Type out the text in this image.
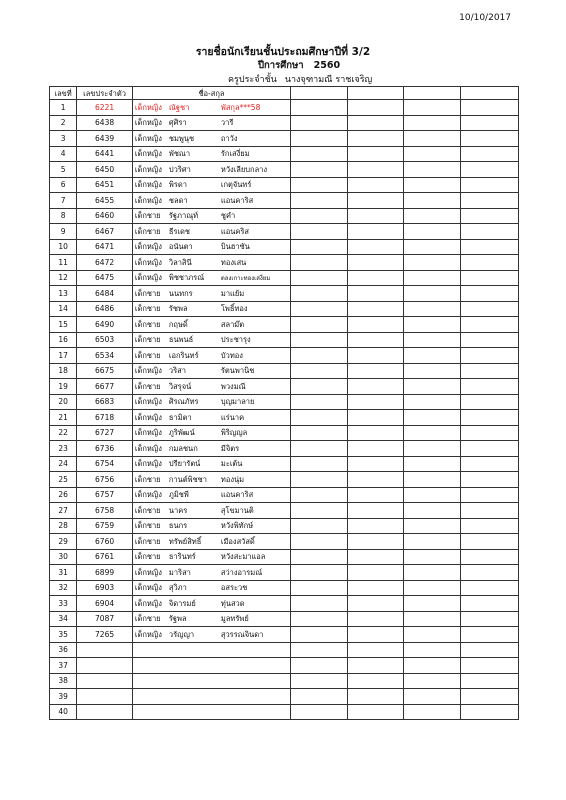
10/10/2017
รายชื่อนักเรียนชั้นประถมศึกษาปีที่ 3/2
ปีการศึกษา 2560
ครูประจำชั้น นางจุฑามณี ราชเจริญ
เลขที่	เลขประจำตัว	ชื่อ-สกุล				
1	6221	เด็กหญิง ณัฐชา พัสกุล***58				
2	6438	เด็กหญิง ศุศิรา วารี				
3	6439	เด็กหญิง ชมพูนุช ถาวัง				
4	6441	เด็กหญิง พัชณา รักเสงี่ยม				
5	6450	เด็กหญิง ปวริศา หวังเลียบกลาง				
6	6451	เด็กหญิง พิรดา เกตุจันทร์				
7	6455	เด็กหญิง ชลดา แอนคาริส				
8	6460	เด็กชาย รัฐภาณุท์ ชูคำ				
9	6467	เด็กชาย ธีรเดช แอนคริส				
10	6471	เด็กหญิง อนันตา บินฮาซัน				
11	6472	เด็กหญิง วิลาสินี ทองเสน				
12	6475	เด็กหญิง พิชชาภรณ์ ตลงเกาะทองเสงี่ยม				
13	6484	เด็กชาย นนทกร มาแย้ม				
14	6486	เด็กชาย รัชพล โพธิ์ทอง				
15	6490	เด็กชาย กฤษดิ์ สลาม๊ต				
16	6503	เด็กชาย ธนพนธ์ ประชารุง				
17	6534	เด็กชาย เอกรินทร์ บัวทอง				
18	6675	เด็กหญิง วริสา รัตนพานิช				
19	6677	เด็กชาย วิสรุจน์ พวงมณี				
20	6683	เด็กหญิง ศิรณภัทร บุญมาลาย				
21	6718	เด็กหญิง ธามิตา แร่นาค				
22	6727	เด็กหญิง ภูริพัฒน์ พิริญญล				
23	6736	เด็กหญิง กมลชนก มีจิตร				
24	6754	เด็กหญิง ปรียารัตน์ มะเต้น				
25	6756	เด็กชาย กานต์พิชชา ทองนุ่ม				
26	6757	เด็กหญิง ภูมิชพี แอนคาริส				
27	6758	เด็กชาย นาคร สุโขมานติ				
28	6759	เด็กชาย ธนกร หวังพิทักษ์				
29	6760	เด็กชาย ทรัพย์สิทธิ์ เมืองสวัสดิ์				
30	6761	เด็กชาย ธารินทร์ หวังสะมาแอล				
31	6899	เด็กหญิง มาริสา สว่างอารมณ์				
32	6903	เด็กหญิง สุวิภา อสระวช				
33	6904	เด็กหญิง จิดารมย์ ทุ่นสวด				
34	7087	เด็กชาย รัฐพล มูลทรัพย์				
35	7265	เด็กหญิง วรัญญา สุวรรณจินดา				
36						
37						
38						
39						
40						
